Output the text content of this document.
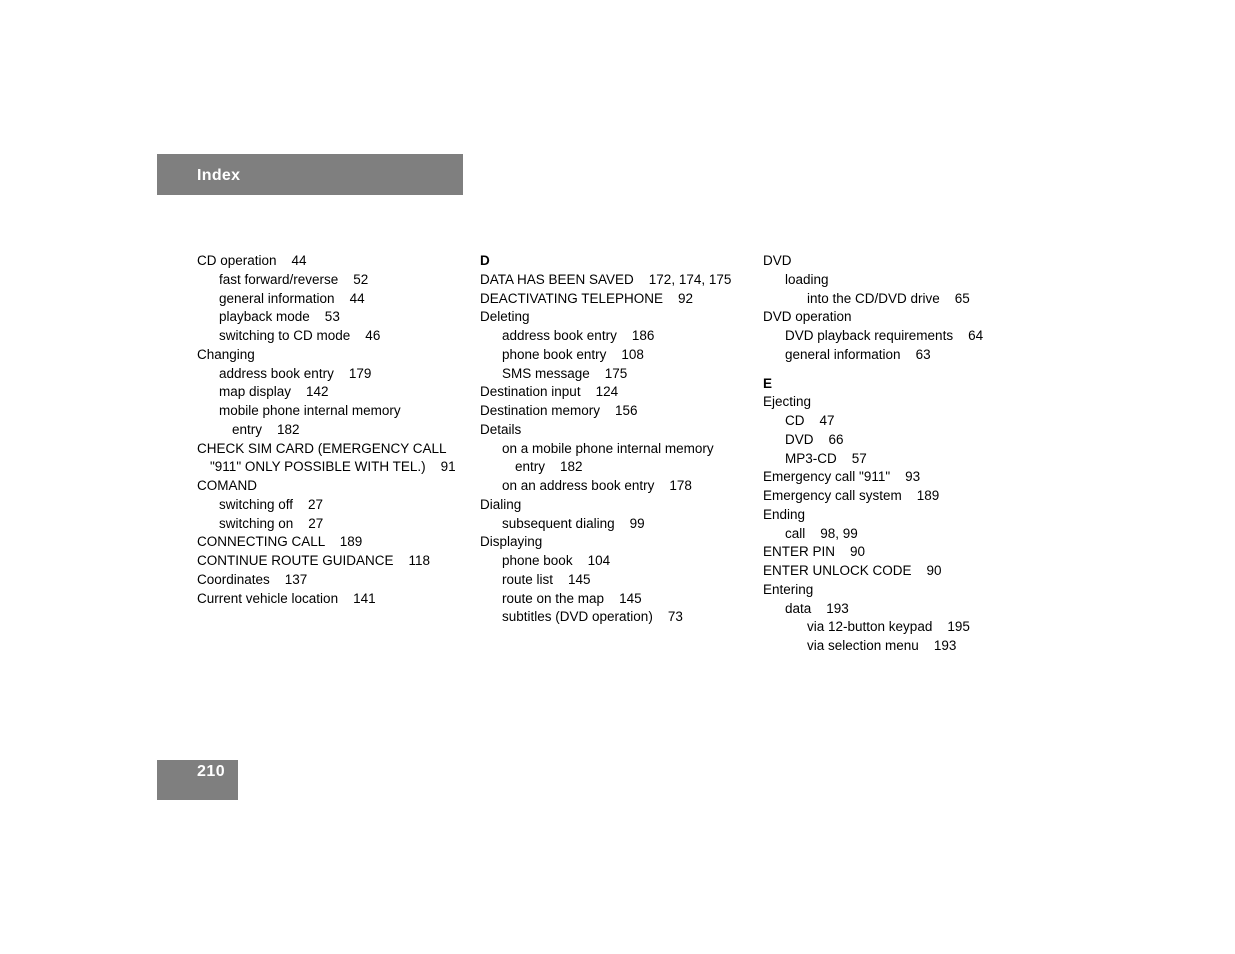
Index
CD operation    44
fast forward/reverse    52
general information    44
playback mode    53
switching to CD mode    46
Changing
address book entry    179
map display    142
mobile phone internal memory
entry    182
CHECK SIM CARD (EMERGENCY CALL
"911" ONLY POSSIBLE WITH TEL.)    91
COMAND
switching off    27
switching on    27
CONNECTING CALL    189
CONTINUE ROUTE GUIDANCE    118
Coordinates    137
Current vehicle location    141
D
DATA HAS BEEN SAVED    172, 174, 175
DEACTIVATING TELEPHONE    92
Deleting
address book entry    186
phone book entry    108
SMS message    175
Destination input    124
Destination memory    156
Details
on a mobile phone internal memory
entry    182
on an address book entry    178
Dialing
subsequent dialing    99
Displaying
phone book    104
route list    145
route on the map    145
subtitles (DVD operation)    73
DVD
loading
into the CD/DVD drive    65
DVD operation
DVD playback requirements    64
general information    63
E
Ejecting
CD    47
DVD    66
MP3-CD    57
Emergency call "911"    93
Emergency call system    189
Ending
call    98, 99
ENTER PIN    90
ENTER UNLOCK CODE    90
Entering
data    193
via 12-button keypad    195
via selection menu    193
210
